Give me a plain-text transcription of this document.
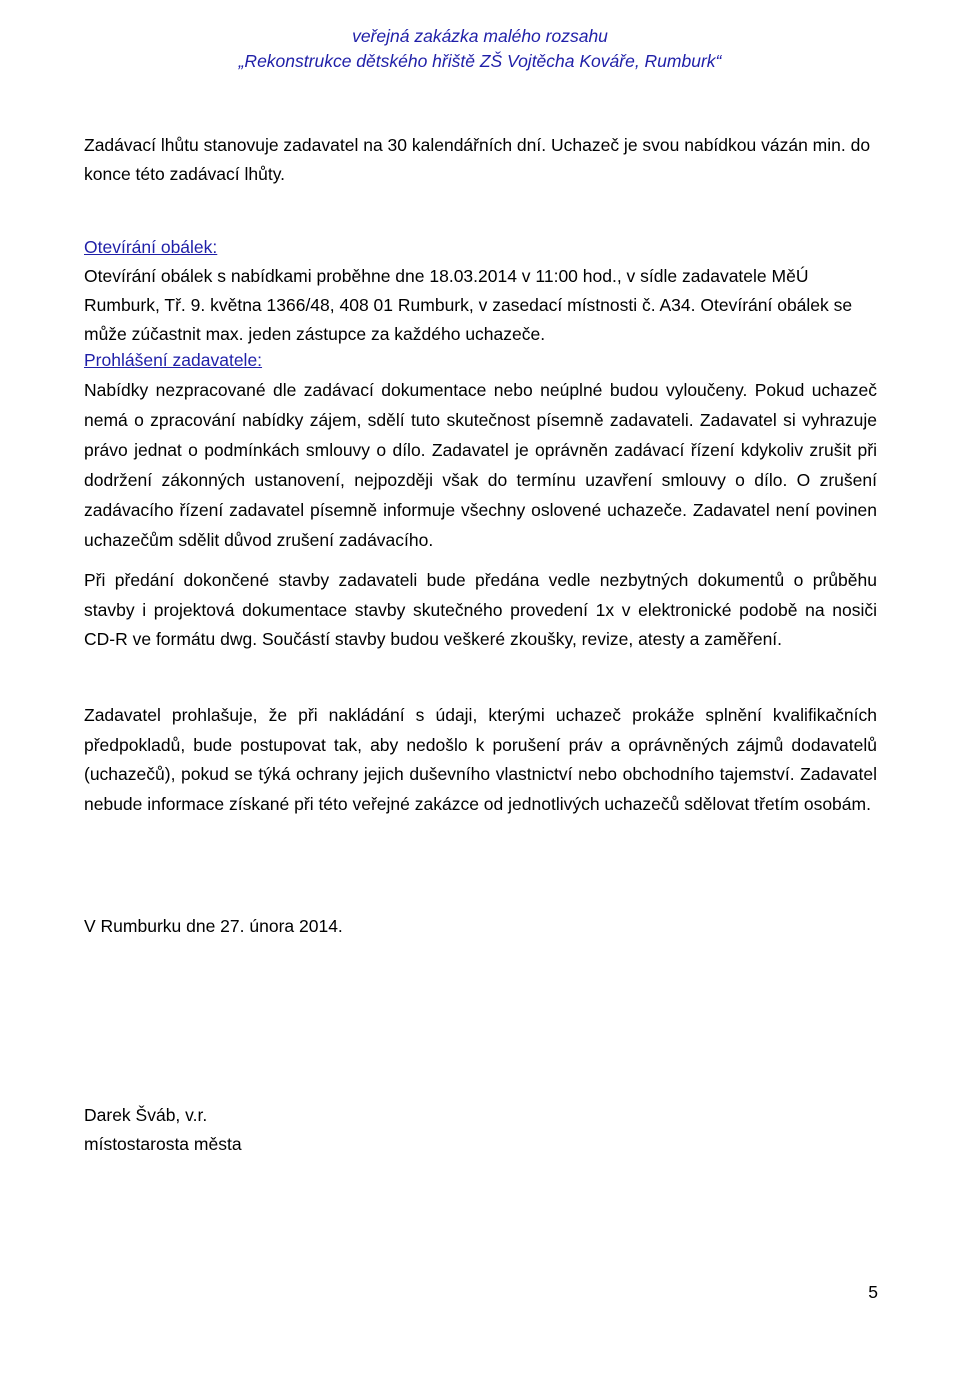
veřejná zakázka malého rozsahu
„Rekonstrukce dětského hřiště ZŠ Vojtěcha Kováře, Rumburk“
Zadávací lhůtu stanovuje zadavatel na 30 kalendářních dní. Uchazeč je svou nabídkou vázán min. do konce této zadávací lhůty.
Otevírání obálek:
Otevírání obálek s nabídkami proběhne dne 18.03.2014 v 11:00 hod., v sídle zadavatele MěÚ Rumburk, Tř. 9. května 1366/48, 408 01 Rumburk, v zasedací místnosti č. A34. Otevírání obálek se může zúčastnit max. jeden zástupce za každého uchazeče.
Prohlášení zadavatele:
Nabídky nezpracované dle zadávací dokumentace nebo neúplné budou vyloučeny. Pokud uchazeč nemá o zpracování nabídky zájem, sdělí tuto skutečnost písemně zadavateli. Zadavatel si vyhrazuje právo jednat o podmínkách smlouvy o dílo. Zadavatel je oprávněn zadávací řízení kdykoliv zrušit při dodržení zákonných ustanovení, nejpozději však do termínu uzavření smlouvy o dílo. O zrušení zadávacího řízení zadavatel písemně informuje všechny oslovené uchazeče. Zadavatel není povinen uchazečům sdělit důvod zrušení zadávacího.
Při předání dokončené stavby zadavateli bude předána vedle nezbytných dokumentů o průběhu stavby i projektová dokumentace stavby skutečného provedení 1x v elektronické podobě na nosiči CD-R ve formátu dwg. Součástí stavby budou veškeré zkoušky, revize, atesty a zaměření.
Zadavatel prohlašuje, že při nakládání s údaji, kterými uchazeč prokáže splnění kvalifikačních předpokladů, bude postupovat tak, aby nedošlo k porušení práv a oprávněných zájmů dodavatelů (uchazečů), pokud se týká ochrany jejich duševního vlastnictví nebo obchodního tajemství. Zadavatel nebude informace získané při této veřejné zakázce od jednotlivých uchazečů sdělovat třetím osobám.
V Rumburku dne 27. února 2014.
Darek Šváb, v.r.
místostarosta města
5
